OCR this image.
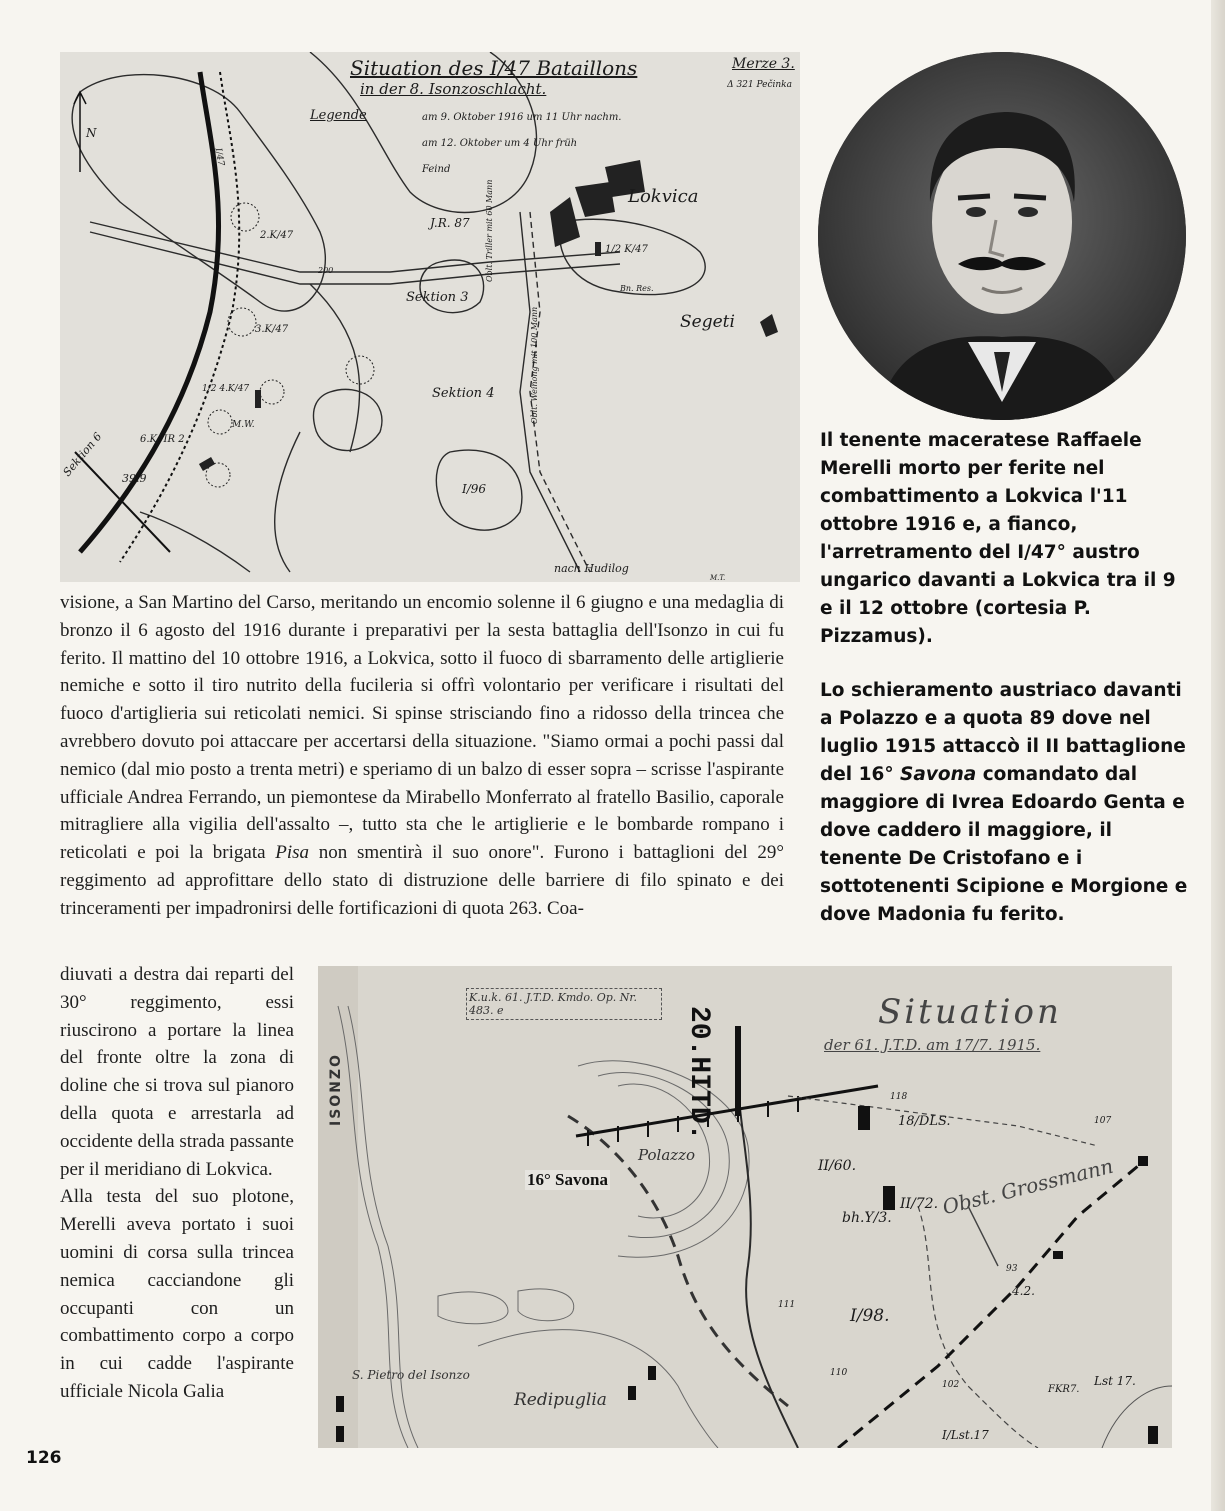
Situation des I/47 Bataillons
in der 8. Isonzoschlacht.
Legende	am 9. Oktober 1916 um 11 Uhr nachm.
am 12. Oktober um 4 Uhr früh
Feind
Merze 3.
Δ 321 Pečinka
N
Lokvica
Segeti
J.R. 87
Sektion 3
Sektion 4
Sektion 6
2.K/47
3.K/47
1/2 4.K/47
6.K/ IR 2
1/2 K/47
I/96
I/47
39.9
nach Hudilog
M.W.
200	Oblt. Triller mit 60 Mann
Oblt. Weinong mit 100 Mann
Bn. Res.
M.T.
Il tenente maceratese Raffaele Merelli morto per ferite nel combattimento a Lokvica l'11 ottobre 1916 e, a fianco, l'arretramento del I/47° austro ungarico davanti a Lokvica tra il 9 e il 12 ottobre (cortesia P. Pizzamus).
Lo schieramento austriaco davanti a Polazzo e a quota 89 dove nel luglio 1915 attaccò il II battaglione del 16° Savona comandato dal maggiore di Ivrea Edoardo Genta e dove caddero il maggiore, il tenente De Cristofano e i sottotenenti Scipione e Morgione e dove Madonia fu ferito.
visione, a San Martino del Carso, meritando un encomio solenne il 6 giugno e una medaglia di bronzo il 6 agosto del 1916 durante i preparativi per la sesta battaglia dell'Isonzo in cui fu ferito. Il mattino del 10 ottobre 1916, a Lokvica, sotto il fuoco di sbarramento delle artiglierie nemiche e sotto il tiro nutrito della fucileria si offrì volontario per verificare i risultati del fuoco d'artiglieria sui reticolati nemici. Si spinse strisciando fino a ridosso della trincea che avrebbero dovuto poi attaccare per accertarsi della situazione. "Siamo ormai a pochi passi dal nemico (dal mio posto a trenta metri) e speriamo di un balzo di esser sopra – scrisse l'aspirante ufficiale Andrea Ferrando, un piemontese da Mirabello Monferrato al fratello Basilio, caporale mitragliere alla vigilia dell'assalto –, tutto sta che le artiglierie e le bombarde rompano i reticolati e poi la brigata Pisa non smentirà il suo onore". Furono i battaglioni del 29° reggimento ad approfittare dello stato di distruzione delle barriere di filo spinato e dei trinceramenti per impadronirsi delle fortificazioni di quota 263. Coa-

diuvati a destra dai reparti del 30° reggimento, essi riuscirono a portare la linea del fronte oltre la zona di doline che si trova sul pianoro della quota e arrestarla ad occidente della strada passante per il meridiano di Lokvica.

Alla testa del suo plotone, Merelli aveva portato i suoi uomini di corsa sulla trincea nemica cacciandone gli occupanti con un combattimento corpo a corpo in cui cadde l'aspirante ufficiale Nicola Galia

K.u.k. 61. J.T.D. Kmdo. Op. Nr. 483. e	Situation
der 61. J.T.D. am 17/7. 1915.
20.HITD.
Polazzo
Redipuglia
S. Pietro del Isonzo
ISONZO
Obst. Grossmann
II/60.
II/72.
bh.Y/3.
I/98.
Lst 17.
FKR7.
18/DLS.
4.2.
I/Lst.17
118
107
93
111
110
102
16° Savona
126
